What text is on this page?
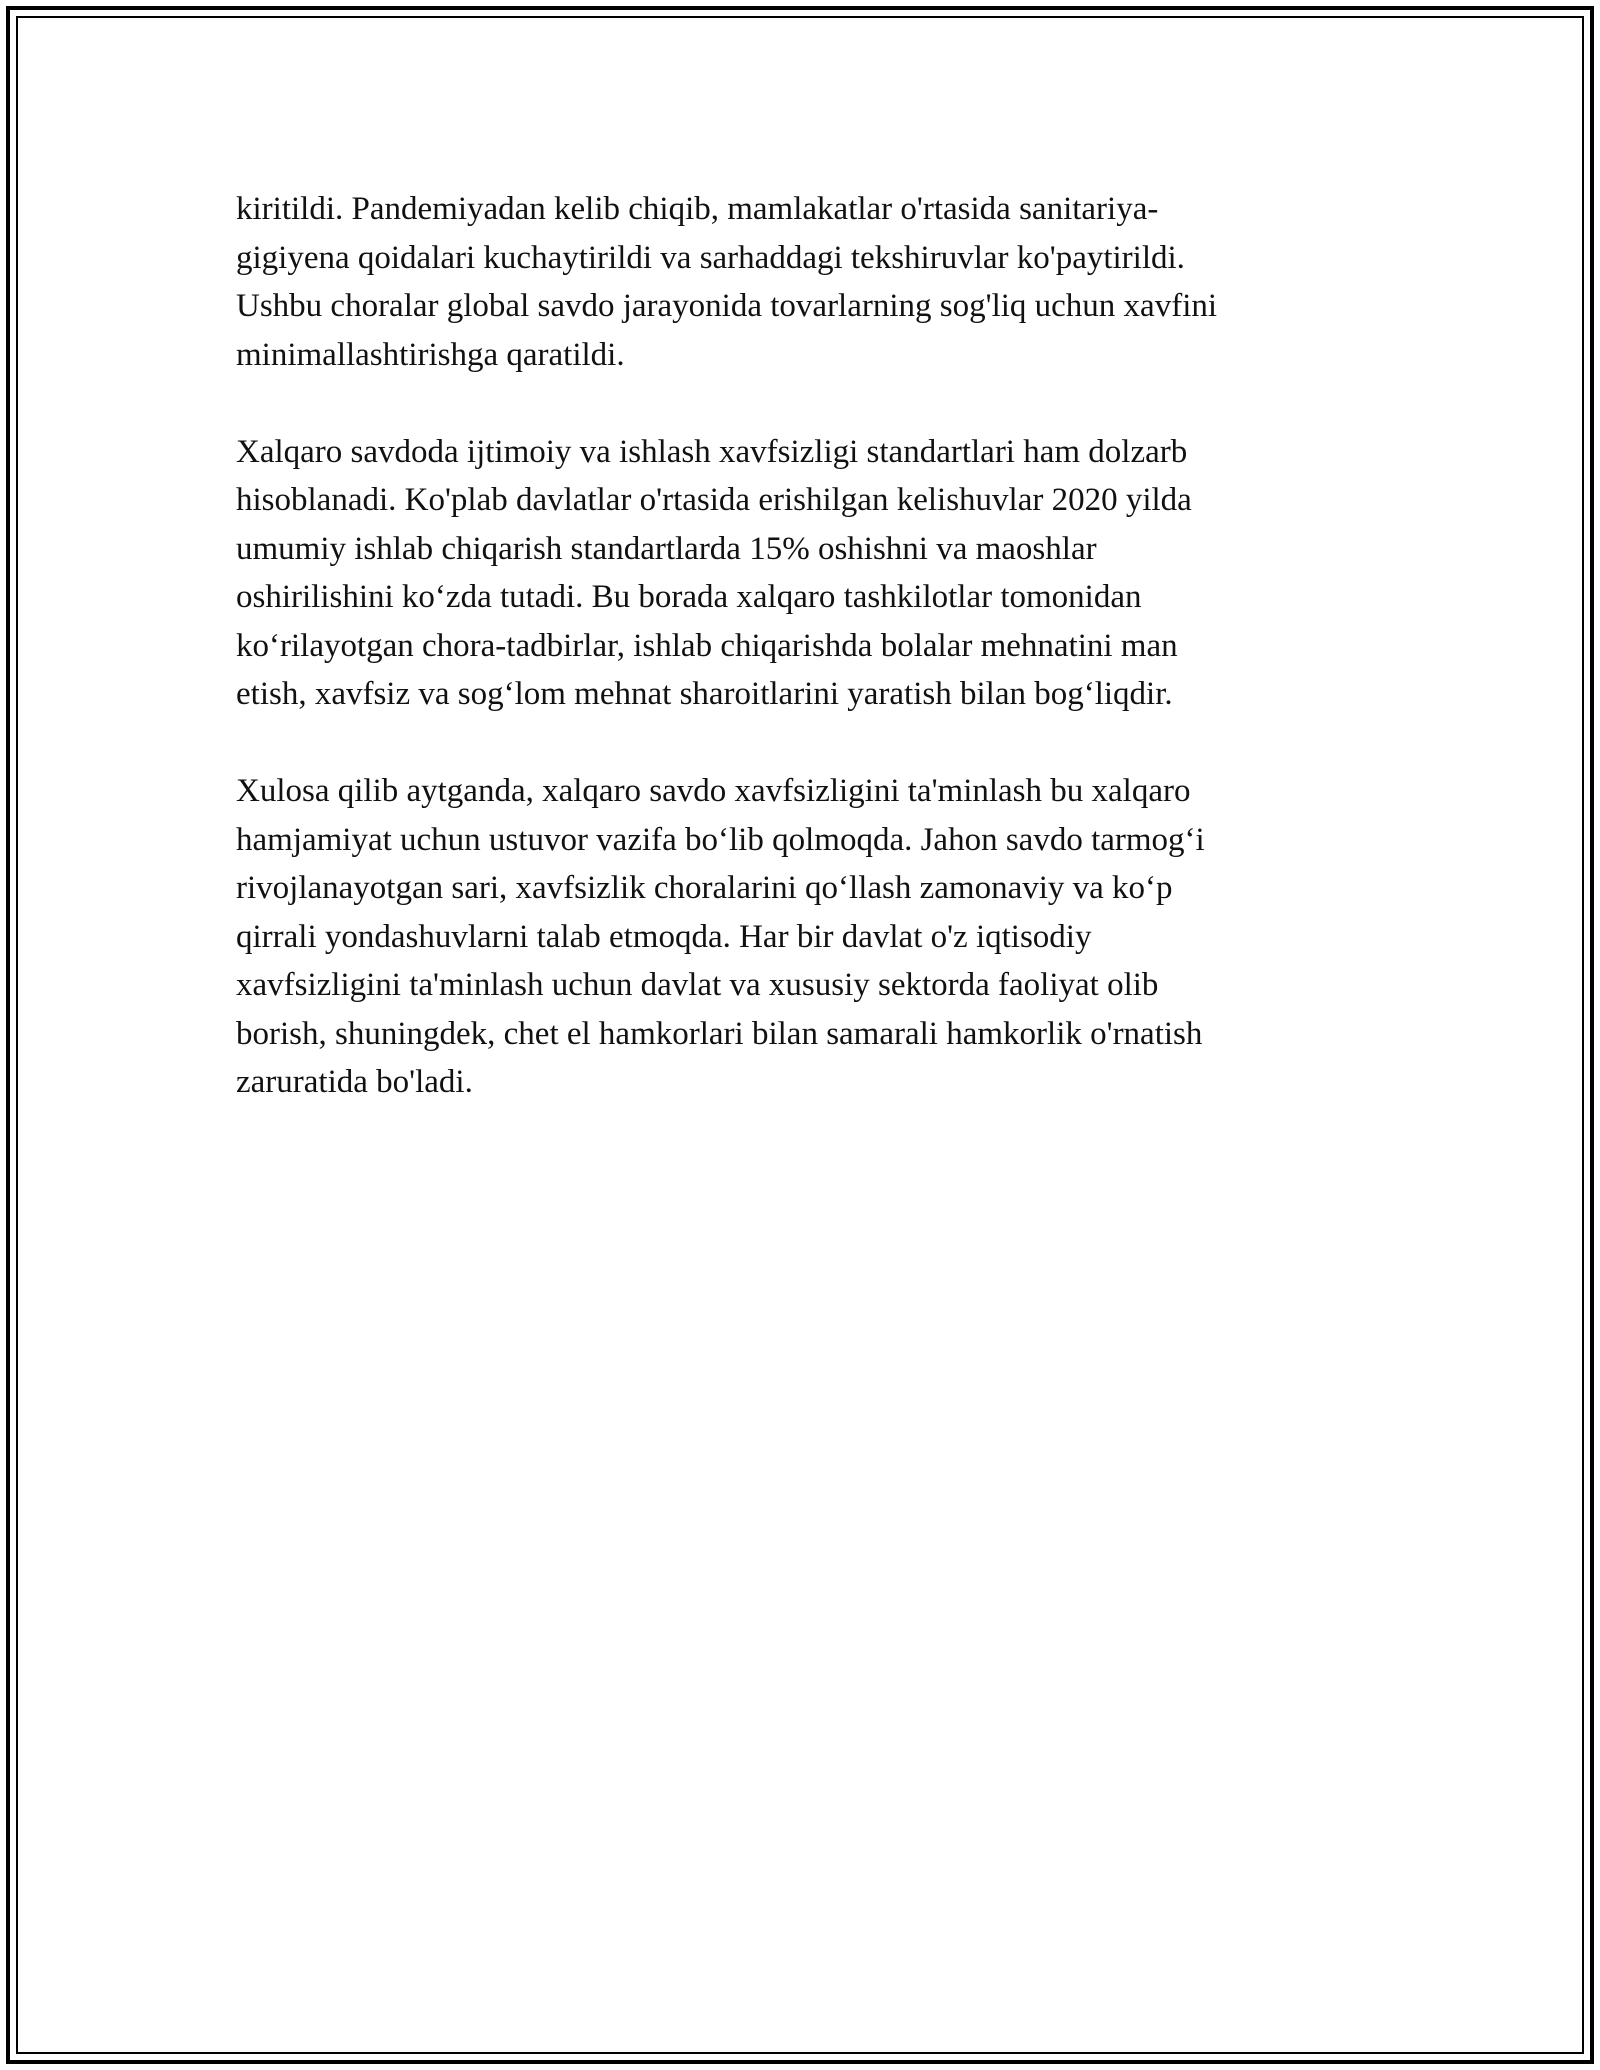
kiritildi. Pandemiyadan kelib chiqib, mamlakatlar o'rtasida sanitariya-
gigiyena qoidalari kuchaytirildi va sarhaddagi tekshiruvlar ko'paytirildi.
Ushbu choralar global savdo jarayonida tovarlarning sog'liq uchun xavfini
minimallashtirishga qaratildi.

Xalqaro savdoda ijtimoiy va ishlash xavfsizligi standartlari ham dolzarb
hisoblanadi. Ko'plab davlatlar o'rtasida erishilgan kelishuvlar 2020 yilda
umumiy ishlab chiqarish standartlarda 15% oshishni va maoshlar
oshirilishini ko‘zda tutadi. Bu borada xalqaro tashkilotlar tomonidan
ko‘rilayotgan chora-tadbirlar, ishlab chiqarishda bolalar mehnatini man
etish, xavfsiz va sog‘lom mehnat sharoitlarini yaratish bilan bog‘liqdir.

Xulosa qilib aytganda, xalqaro savdo xavfsizligini ta'minlash bu xalqaro
hamjamiyat uchun ustuvor vazifa bo‘lib qolmoqda. Jahon savdo tarmog‘i
rivojlanayotgan sari, xavfsizlik choralarini qo‘llash zamonaviy va ko‘p
qirrali yondashuvlarni talab etmoqda. Har bir davlat o'z iqtisodiy
xavfsizligini ta'minlash uchun davlat va xususiy sektorda faoliyat olib
borish, shuningdek, chet el hamkorlari bilan samarali hamkorlik o'rnatish
zaruratida bo'ladi.
